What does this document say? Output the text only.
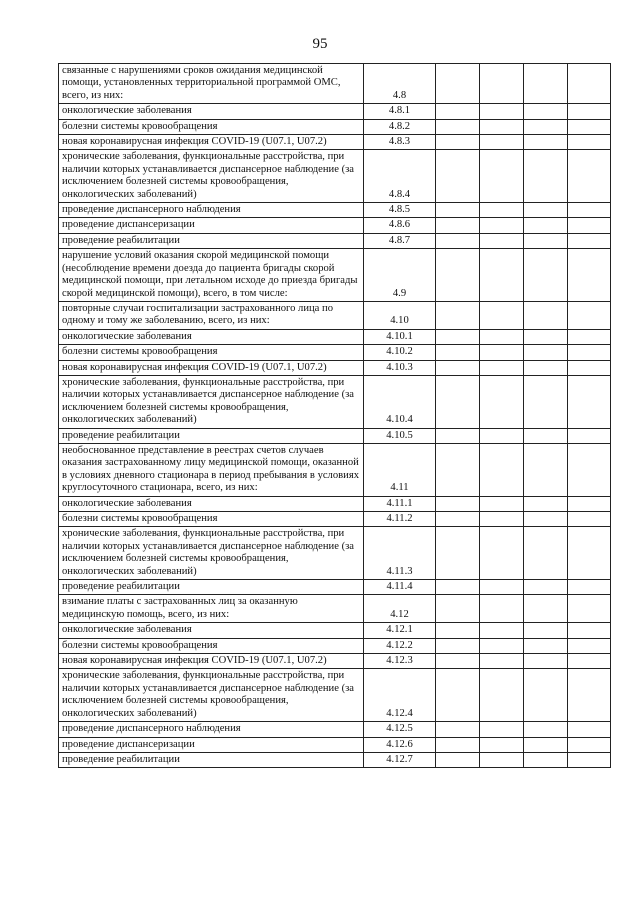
95
связанные с нарушениями сроков ожидания медицинской помощи, установленных территориальной программой ОМС, всего, из них:	4.8				
онкологические заболевания	4.8.1				
болезни системы кровообращения	4.8.2				
новая коронавирусная инфекция COVID-19 (U07.1, U07.2)	4.8.3				
хронические заболевания, функциональные расстройства, при наличии которых устанавливается диспансерное наблюдение (за исключением болезней системы кровообращения, онкологических заболеваний)	4.8.4				
проведение диспансерного наблюдения	4.8.5				
проведение диспансеризации	4.8.6				
проведение реабилитации	4.8.7				
нарушение условий оказания скорой медицинской помощи (несоблюдение времени доезда до пациента бригады скорой медицинской помощи, при летальном исходе до приезда бригады скорой медицинской помощи), всего, в том числе:	4.9				
повторные случаи госпитализации застрахованного лица по одному и тому же заболеванию, всего, из них:	4.10				
онкологические заболевания	4.10.1				
болезни системы кровообращения	4.10.2				
новая коронавирусная инфекция COVID-19 (U07.1, U07.2)	4.10.3				
хронические заболевания, функциональные расстройства, при наличии которых устанавливается диспансерное наблюдение (за исключением болезней системы кровообращения, онкологических заболеваний)	4.10.4				
проведение реабилитации	4.10.5				
необоснованное представление в реестрах счетов случаев оказания застрахованному лицу медицинской помощи, оказанной в условиях дневного стационара в период пребывания в условиях круглосуточного стационара, всего, из них:	4.11				
онкологические заболевания	4.11.1				
болезни системы кровообращения	4.11.2				
хронические заболевания, функциональные расстройства, при наличии которых устанавливается диспансерное наблюдение (за исключением болезней системы кровообращения, онкологических заболеваний)	4.11.3				
проведение реабилитации	4.11.4				
взимание платы с застрахованных лиц за оказанную медицинскую помощь, всего, из них:	4.12				
онкологические заболевания	4.12.1				
болезни системы кровообращения	4.12.2				
новая коронавирусная инфекция COVID-19 (U07.1, U07.2)	4.12.3				
хронические заболевания, функциональные расстройства, при наличии которых устанавливается диспансерное наблюдение (за исключением болезней системы кровообращения, онкологических заболеваний)	4.12.4				
проведение диспансерного наблюдения	4.12.5				
проведение диспансеризации	4.12.6				
проведение реабилитации	4.12.7				
